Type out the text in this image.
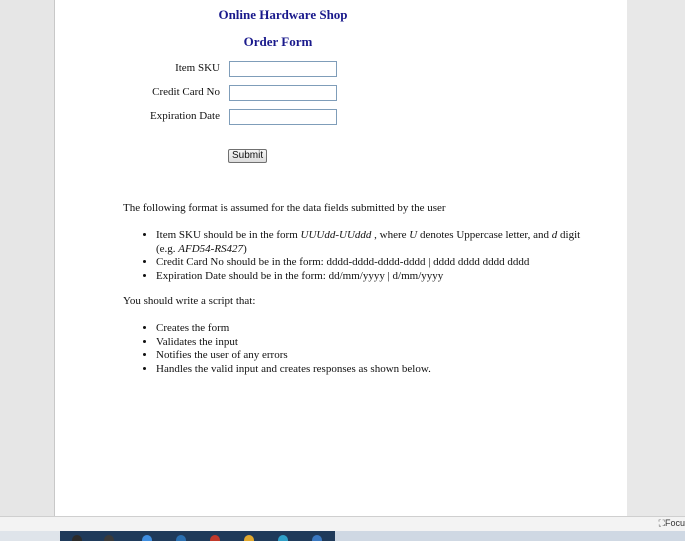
Online Hardware Shop
Order Form
Item SKU
Credit Card No
Expiration Date
Submit
The following format is assumed for the data fields submitted by the user
• Item SKU should be in the form UUUdd-UUddd , where U denotes Uppercase letter, and d digit (e.g. AFD54-RS427)
• Credit Card No should be in the form: dddd-dddd-dddd-dddd | dddd dddd dddd dddd
• Expiration Date should be in the form: dd/mm/yyyy | d/mm/yyyy
You should write a script that:
• Creates the form
• Validates the input
• Notifies the user of any errors
• Handles the valid input and creates responses as shown below.
⛶Focu
